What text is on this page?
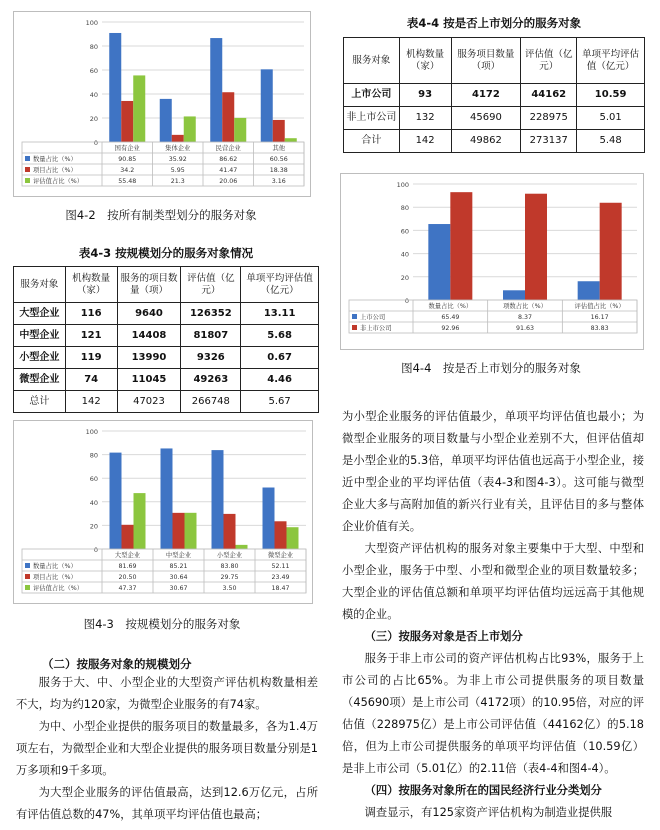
0
20
40
60
80
100
国有企业	集体企业	民营企业	其他
数量占比（%）	90.85	35.92	86.62	60.56
项目占比（%）	34.2	5.95	41.47	18.38
评估值占比（%）	55.48	21.3	20.06	3.16
图4-2　按所有制类型划分的服务对象
表4-3 按规模划分的服务对象情况
服务对象	机构数量（家）	服务的项目数量（项）	评估值（亿元）	单项平均评估值（亿元）
大型企业	116	9640	126352	13.11
中型企业	121	14408	81807	5.68
小型企业	119	13990	9326	0.67
微型企业	74	11045	49263	4.46
总计	142	47023	266748	5.67
0
20
40
60
80
100
大型企业	中型企业	小型企业	微型企业
数量占比（%）	81.69	85.21	83.80	52.11
项目占比（%）	20.50	30.64	29.75	23.49
评估值占比（%）	47.37	30.67	3.50	18.47
图4-3　按规模划分的服务对象
（二）按服务对象的规模划分

服务于大、中、小型企业的大型资产评估机构数量相差不大，均为约120家，为微型企业服务的有74家。

为中、小型企业提供的服务项目的数量最多，各为1.4万项左右，为微型企业和大型企业提供的服务项目数量分别是1万多项和9千多项。

为大型企业服务的评估值最高，达到12.6万亿元，占所有评估值总数的47%，其单项平均评估值也最高；

表4-4 按是否上市划分的服务对象
服务对象	机构数量（家）	服务项目数量（项）	评估值（亿元）	单项平均评估值（亿元）
上市公司	93	4172	44162	10.59
非上市公司	132	45690	228975	5.01
合计	142	49862	273137	5.48
0
20
40
60
80
100
数量占比（%）	项数占比（%）	评估值占比（%）
上市公司	65.49	8.37	16.17
非上市公司	92.96	91.63	83.83
图4-4　按是否上市划分的服务对象

为小型企业服务的评估值最少，单项平均评估值也最小；为微型企业服务的项目数量与小型企业差别不大，但评估值却是小型企业的5.3倍，单项平均评估值也远高于小型企业，接近中型企业的平均评估值（表4-3和图4-3）。这可能与微型企业大多与高附加值的新兴行业有关，且评估目的多与整体企业价值有关。

大型资产评估机构的服务对象主要集中于大型、中型和小型企业，服务于中型、小型和微型企业的项目数量较多；大型企业的评估值总额和单项平均评估值均远远高于其他规模的企业。

（三）按服务对象是否上市划分

服务于非上市公司的资产评估机构占比93%，服务于上市公司的占比65%。为非上市公司提供服务的项目数量（45690项）是上市公司（4172项）的10.95倍，对应的评估值（228975亿）是上市公司评估值（44162亿）的5.18倍，但为上市公司提供服务的单项平均评估值（10.59亿）是非上市公司（5.01亿）的2.11倍（表4-4和图4-4）。

（四）按服务对象所在的国民经济行业分类划分

调查显示，有125家资产评估机构为制造业提供服
